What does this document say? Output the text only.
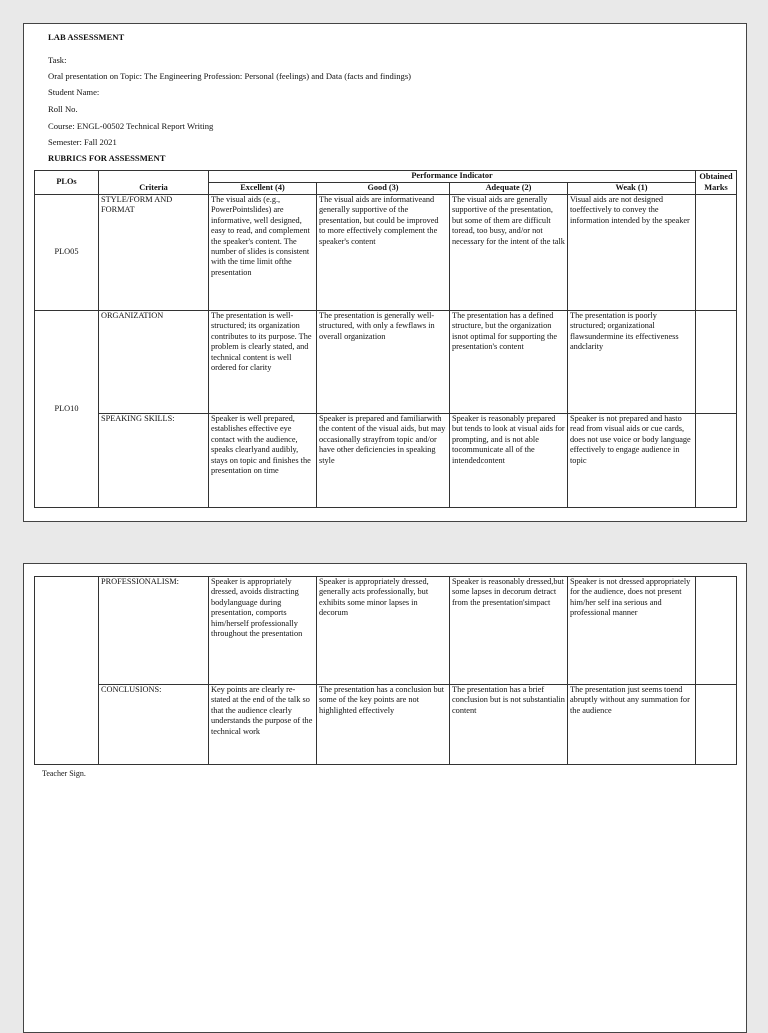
LAB ASSESSMENT
Task:
Oral presentation on Topic: The Engineering Profession: Personal (feelings) and Data (facts and findings)
Student Name:
Roll No.
Course: ENGL-00502 Technical Report Writing
Semester: Fall 2021
RUBRICS FOR ASSESSMENT
PLOs		Performance Indicator				Obtained Marks
	Criteria	Excellent (4)	Good (3)	Adequate (2)	Weak (1)	
PLO05	STYLE/FORM AND FORMAT	The visual aids (e.g., PowerPointslides) are informative, well designed, easy to read, and complement the speaker's content. The number of slides is consistent with the time limit ofthe presentation	The visual aids are informativeand generally supportive of the presentation, but could be improved to more effectively complement the speaker's content	The visual aids are generally supportive of the presentation, but some of them are difficult toread, too busy, and/or not necessary for the intent of the talk	Visual aids are not designed toeffectively to convey the information intended by the speaker	
PLO10	ORGANIZATION	The presentation is well- structured; its organization contributes to its purpose. The problem is clearly stated, and technical content is well ordered for clarity	The presentation is generally well-structured, with only a fewflaws in overall organization	The presentation has a defined structure, but the organization isnot optimal for supporting the presentation's content	The presentation is poorly structured; organizational flawsundermine its effectiveness andclarity	
	SPEAKING SKILLS:	Speaker is well prepared, establishes effective eye contact with the audience, speaks clearlyand audibly, stays on topic and finishes the presentation on time	Speaker is prepared and familiarwith the content of the visual aids, but may occasionally strayfrom topic and/or have other deficiencies in speaking style	Speaker is reasonably prepared but tends to look at visual aids for prompting, and is not able tocommunicate all of the intendedcontent	Speaker is not prepared and hasto read from visual aids or cue cards, does not use voice or body language effectively to engage audience in topic	
	PROFESSIONALISM:	Speaker is appropriately dressed, avoids distracting bodylanguage during presentation, comports him/herself professionally throughout the presentation	Speaker is appropriately dressed, generally acts professionally, but exhibits some minor lapses in decorum	Speaker is reasonably dressed,but some lapses in decorum detract from the presentation'simpact	Speaker is not dressed appropriately for the audience, does not present him/her self ina serious and professional manner	
	CONCLUSIONS:	Key points are clearly re-stated at the end of the talk so that the audience clearly understands the purpose of the technical work	The presentation has a conclusion but some of the key points are not highlighted effectively	The presentation has a brief conclusion but is not substantialin content	The presentation just seems toend abruptly without any summation for the audience	
Teacher Sign.
